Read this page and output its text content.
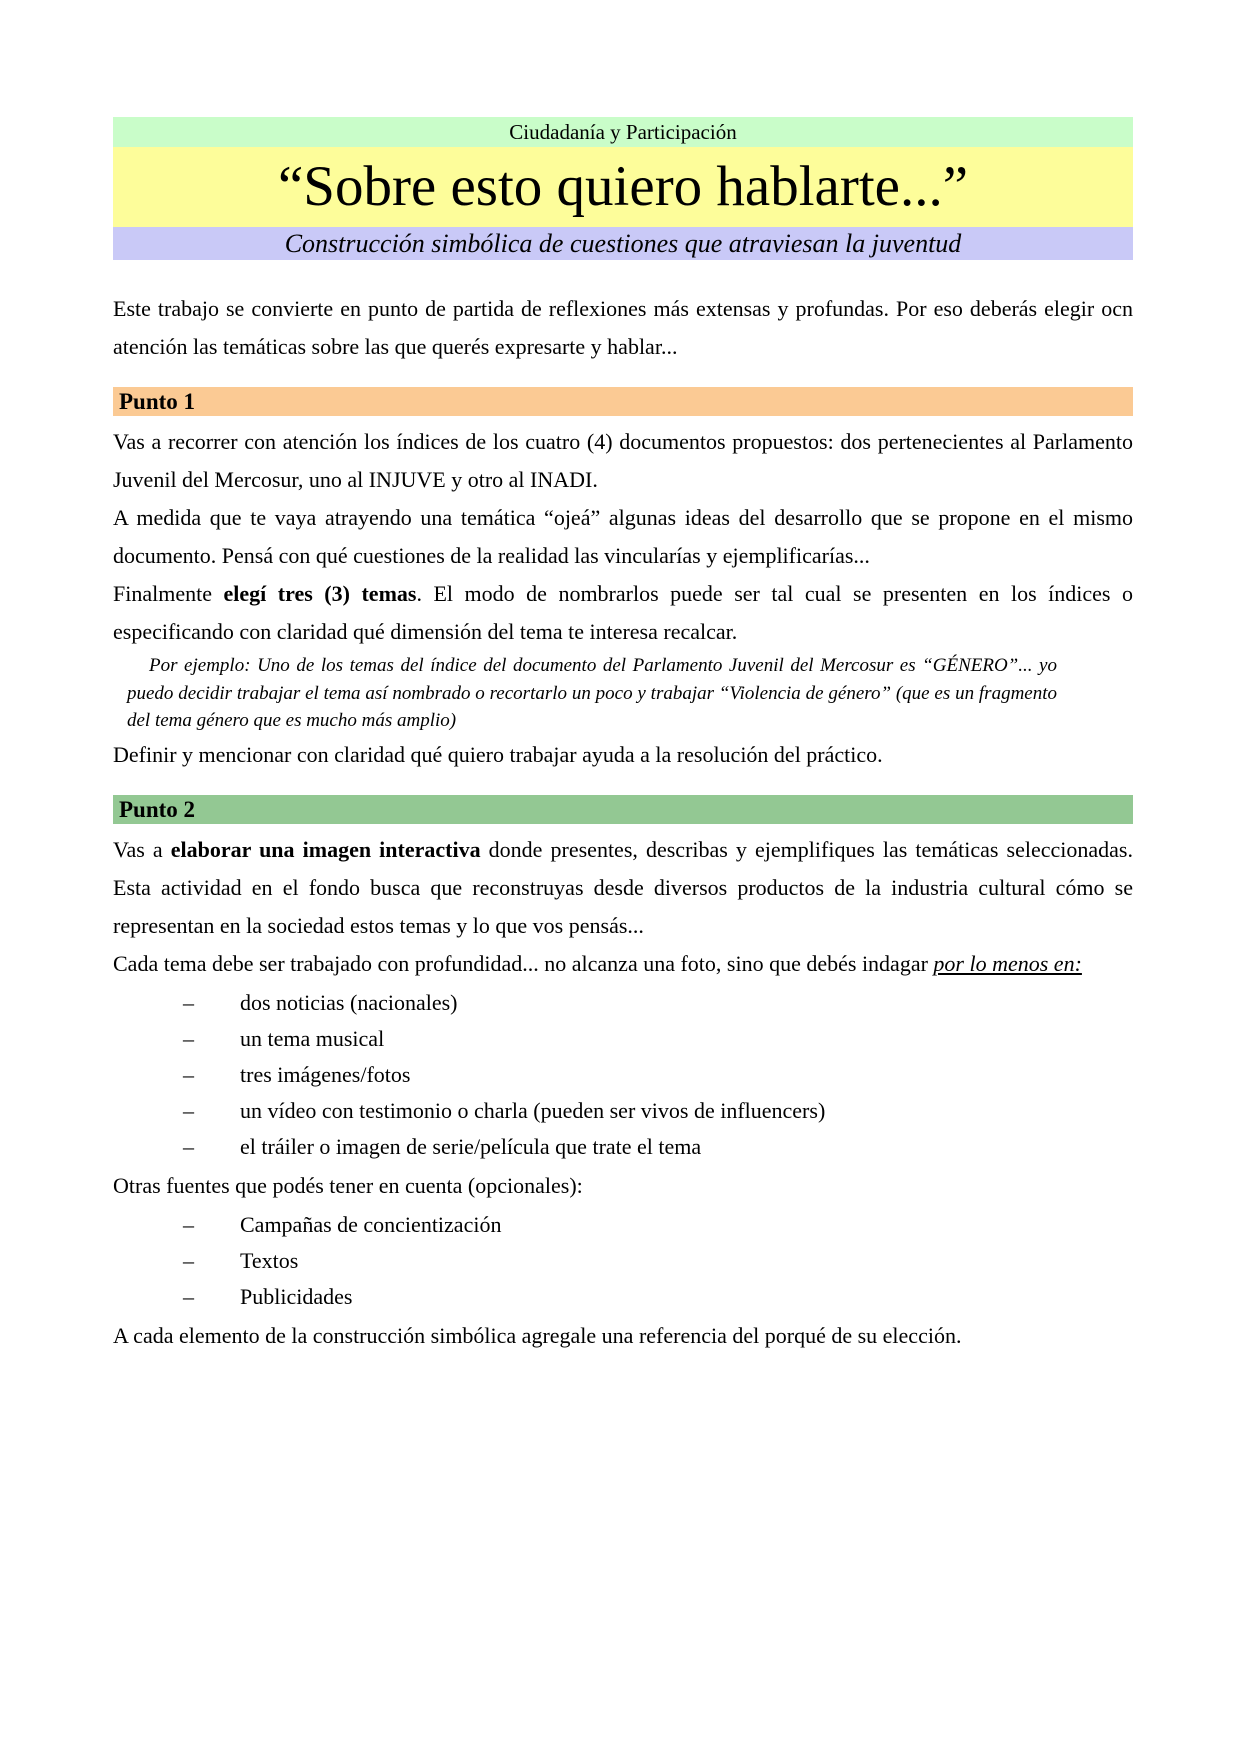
Ciudadanía y Participación
“Sobre esto quiero hablarte...”
Construcción simbólica de cuestiones que atraviesan la juventud

Este trabajo se convierte en punto de partida de reflexiones más extensas y profundas. Por eso deberás elegir ocn atención las temáticas sobre las que querés expresarte y hablar...

Punto 1

Vas a recorrer con atención los índices de los cuatro (4) documentos propuestos: dos pertenecientes al Parlamento Juvenil del Mercosur, uno al INJUVE y otro al INADI.

A medida que te vaya atrayendo una temática “ojeá” algunas ideas del desarrollo que se propone en el mismo documento. Pensá con qué cuestiones de la realidad las vincularías y ejemplificarías...

Finalmente elegí tres (3) temas. El modo de nombrarlos puede ser tal cual se presenten en los índices o especificando con claridad qué dimensión del tema te interesa recalcar.

Por ejemplo: Uno de los temas del índice del documento del Parlamento Juvenil del Mercosur es “GÉNERO”... yo puedo decidir trabajar el tema así nombrado o recortarlo un poco y trabajar “Violencia de género” (que es un fragmento del tema género que es mucho más amplio)

Definir y mencionar con claridad qué quiero trabajar ayuda a la resolución del práctico.

Punto 2

Vas a elaborar una imagen interactiva donde presentes, describas y ejemplifiques las temáticas seleccionadas. Esta actividad en el fondo busca que reconstruyas desde diversos productos de la industria cultural cómo se representan en la sociedad estos temas y lo que vos pensás...

Cada tema debe ser trabajado con profundidad... no alcanza una foto, sino que debés indagar por lo menos en:

–	dos noticias (nacionales)
–	un tema musical
–	tres imágenes/fotos
–	un vídeo con testimonio o charla (pueden ser vivos de influencers)
–	el tráiler o imagen de serie/película que trate el tema

Otras fuentes que podés tener en cuenta (opcionales):

–	Campañas de concientización
–	Textos
–	Publicidades

A cada elemento de la construcción simbólica agregale una referencia del porqué de su elección.
